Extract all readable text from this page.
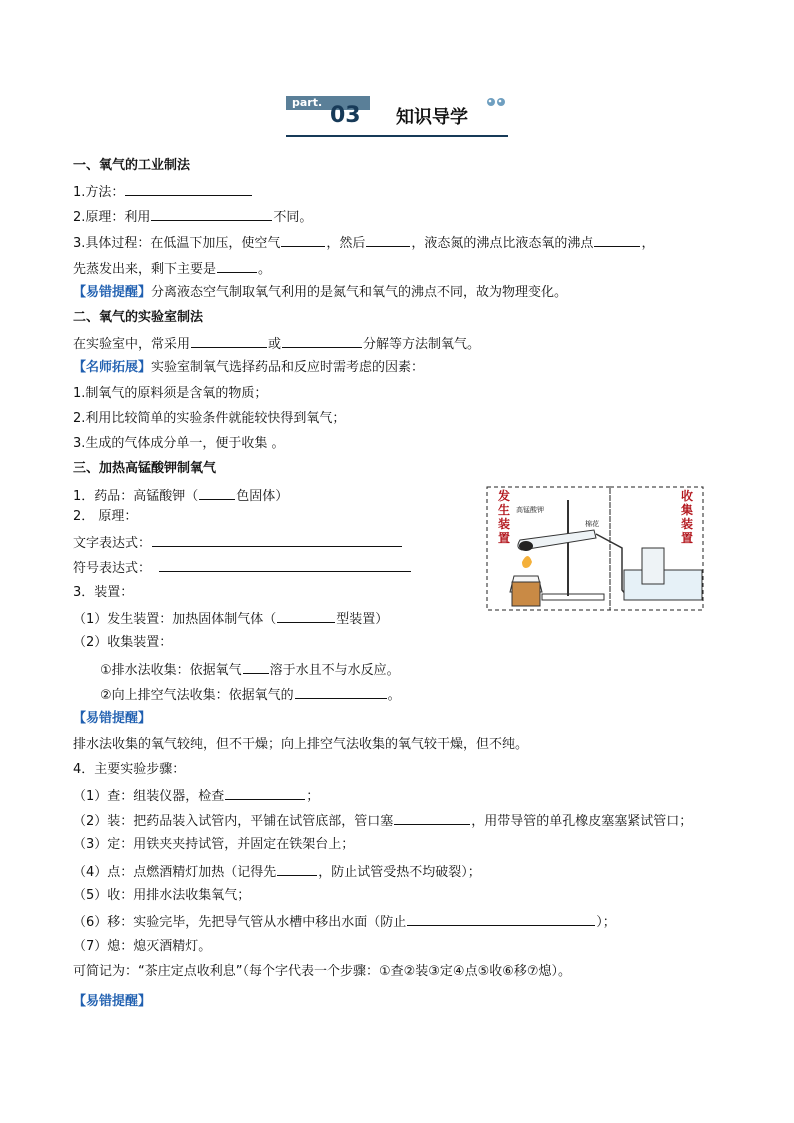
part.
03 知识导学
一、氧气的工业制法
1.方法：
2.原理：利用	不同。
3.具体过程：在低温下加压，使空气	，然后	，液态氮的沸点比液态氧的沸点	，
先蒸发出来，剩下主要是	。
【易错提醒】分离液态空气制取氧气利用的是氮气和氧气的沸点不同，故为物理变化。
二、氧气的实验室制法
在实验室中，常采用	或	分解等方法制氧气。
【名师拓展】实验室制氧气选择药品和反应时需考虑的因素：
1.制氧气的原料须是含氧的物质；
2.利用比较简单的实验条件就能较快得到氧气；
3.生成的气体成分单一，便于收集 。
三、加热高锰酸钾制氧气
1．药品：高锰酸钾（	色固体）
2． 原理：
文字表达式：
符号表达式：
3．装置：
（1）发生装置：加热固体制气体（	型装置）
（2）收集装置：
①排水法收集：依据氧气 溶于水且不与水反应。
②向上排空气法收集：依据氧气的	。
【易错提醒】
排水法收集的氧气较纯，但不干燥；向上排空气法收集的氧气较干燥，但不纯。
4．主要实验步骤：
（1）查：组装仪器，检查	；
（2）装：把药品装入试管内，平铺在试管底部，管口塞	，用带导管的单孔橡皮塞塞紧试管口；
（3）定：用铁夹夹持试管，并固定在铁架台上；
（4）点：点燃酒精灯加热（记得先	，防止试管受热不均破裂）；
（5）收：用排水法收集氧气；
（6）移：实验完毕，先把导气管从水槽中移出水面（防止	）；
（7）熄：熄灭酒精灯。
可简记为：“茶庄定点收利息”（每个字代表一个步骤：①查②装③定④点⑤收⑥移⑦熄）。
【易错提醒】
发
生
装
置
收
集
装
置
高锰酸钾
棉花
